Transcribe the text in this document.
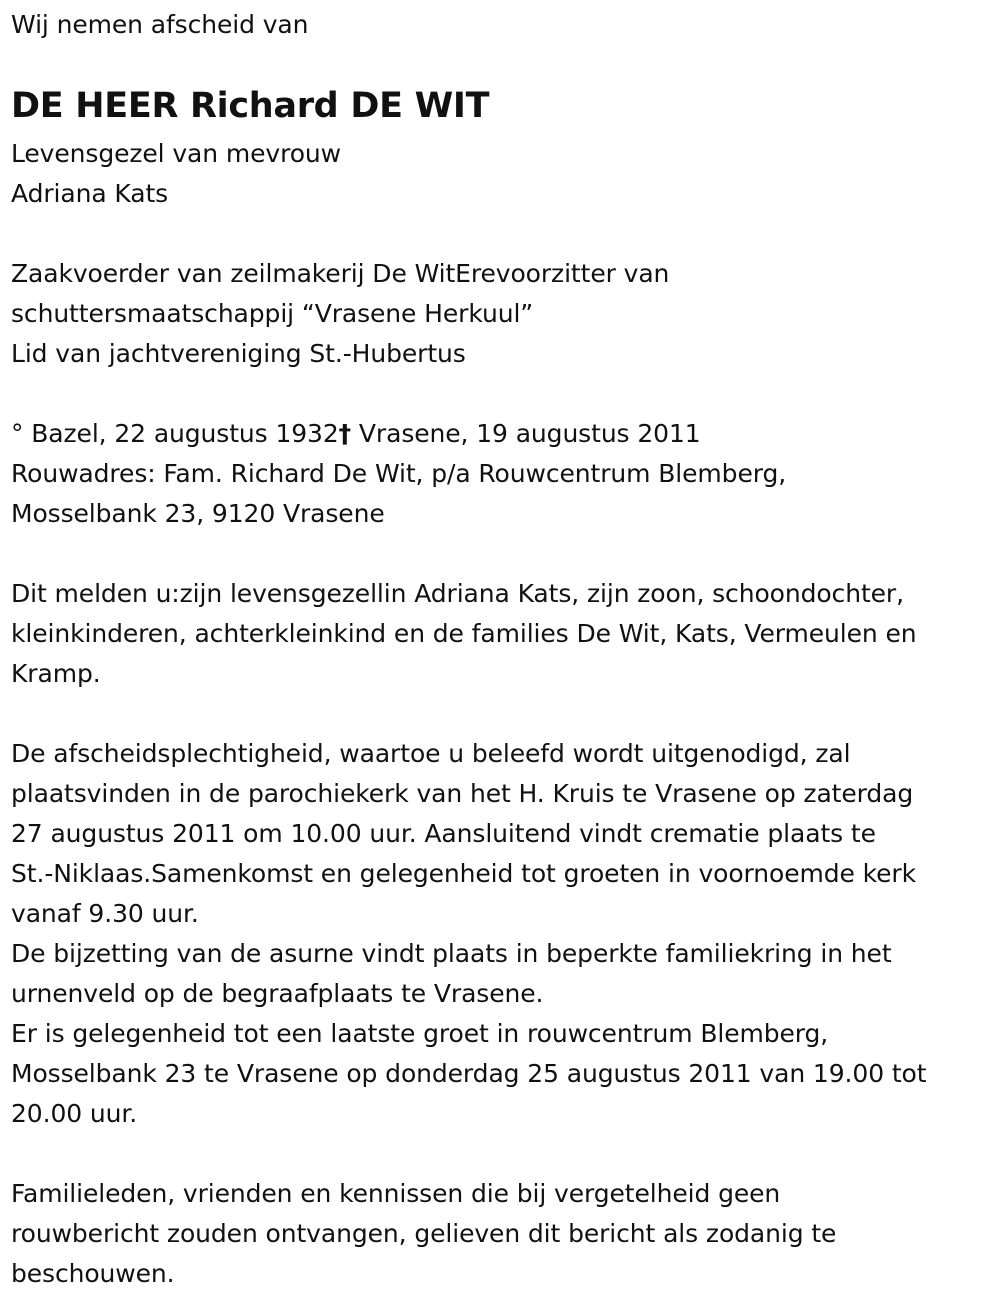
Wij nemen afscheid van
DE HEER Richard DE WIT
Levensgezel van mevrouw
Adriana Kats
Zaakvoerder van zeilmakerij De WitErevoorzitter van
schuttersmaatschappij “Vrasene Herkuul”
Lid van jachtvereniging St.-Hubertus
° Bazel, 22 augustus 1932† Vrasene, 19 augustus 2011
Rouwadres: Fam. Richard De Wit, p/a Rouwcentrum Blemberg,
Mosselbank 23, 9120 Vrasene
Dit melden u:zijn levensgezellin Adriana Kats, zijn zoon, schoondochter,
kleinkinderen, achterkleinkind en de families De Wit, Kats, Vermeulen en
Kramp.
De afscheidsplechtigheid, waartoe u beleefd wordt uitgenodigd, zal
plaatsvinden in de parochiekerk van het H. Kruis te Vrasene op zaterdag
27 augustus 2011 om 10.00 uur. Aansluitend vindt crematie plaats te
St.-Niklaas.Samenkomst en gelegenheid tot groeten in voornoemde kerk
vanaf 9.30 uur.
De bijzetting van de asurne vindt plaats in beperkte familiekring in het
urnenveld op de begraafplaats te Vrasene.
Er is gelegenheid tot een laatste groet in rouwcentrum Blemberg,
Mosselbank 23 te Vrasene op donderdag 25 augustus 2011 van 19.00 tot
20.00 uur.
Familieleden, vrienden en kennissen die bij vergetelheid geen
rouwbericht zouden ontvangen, gelieven dit bericht als zodanig te
beschouwen.
